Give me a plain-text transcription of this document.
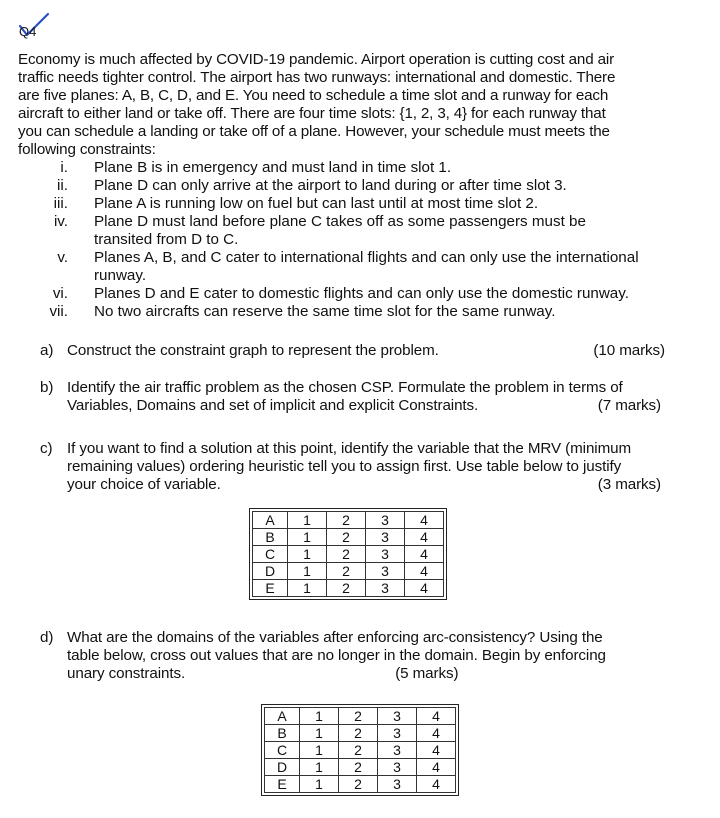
Q4
Economy is much affected by COVID-19 pandemic. Airport operation is cutting cost and air
traffic needs tighter control. The airport has two runways: international and domestic. There
are five planes: A, B, C, D, and E. You need to schedule a time slot and a runway for each
aircraft to either land or take off. There are four time slots: {1, 2, 3, 4} for each runway that
you can schedule a landing or take off of a plane. However, your schedule must meets the
following constraints:
i. Plane B is in emergency and must land in time slot 1.
ii. Plane D can only arrive at the airport to land during or after time slot 3.
iii. Plane A is running low on fuel but can last until at most time slot 2.
iv. Plane D must land before plane C takes off as some passengers must be
transited from D to C.
v. Planes A, B, and C cater to international flights and can only use the international
runway.
vi. Planes D and E cater to domestic flights and can only use the domestic runway.
vii. No two aircrafts can reserve the same time slot for the same runway.
a)	(10 marks)
Construct the constraint graph to represent the problem.
b) Identify the air traffic problem as the chosen CSP. Formulate the problem in terms of
Variables, Domains and set of implicit and explicit Constraints.	(7 marks)
c) If you want to find a solution at this point, identify the variable that the MRV (minimum
remaining values) ordering heuristic tell you to assign first. Use table below to justify
your choice of variable.	(3 marks)
A	1	2	3	4
B	1	2	3	4
C	1	2	3	4
D	1	2	3	4
E	1	2	3	4
d) What are the domains of the variables after enforcing arc-consistency? Using the
table below, cross out values that are no longer in the domain. Begin by enforcing
unary constraints.	(5 marks)
A	1	2	3	4
B	1	2	3	4
C	1	2	3	4
D	1	2	3	4
E	1	2	3	4
